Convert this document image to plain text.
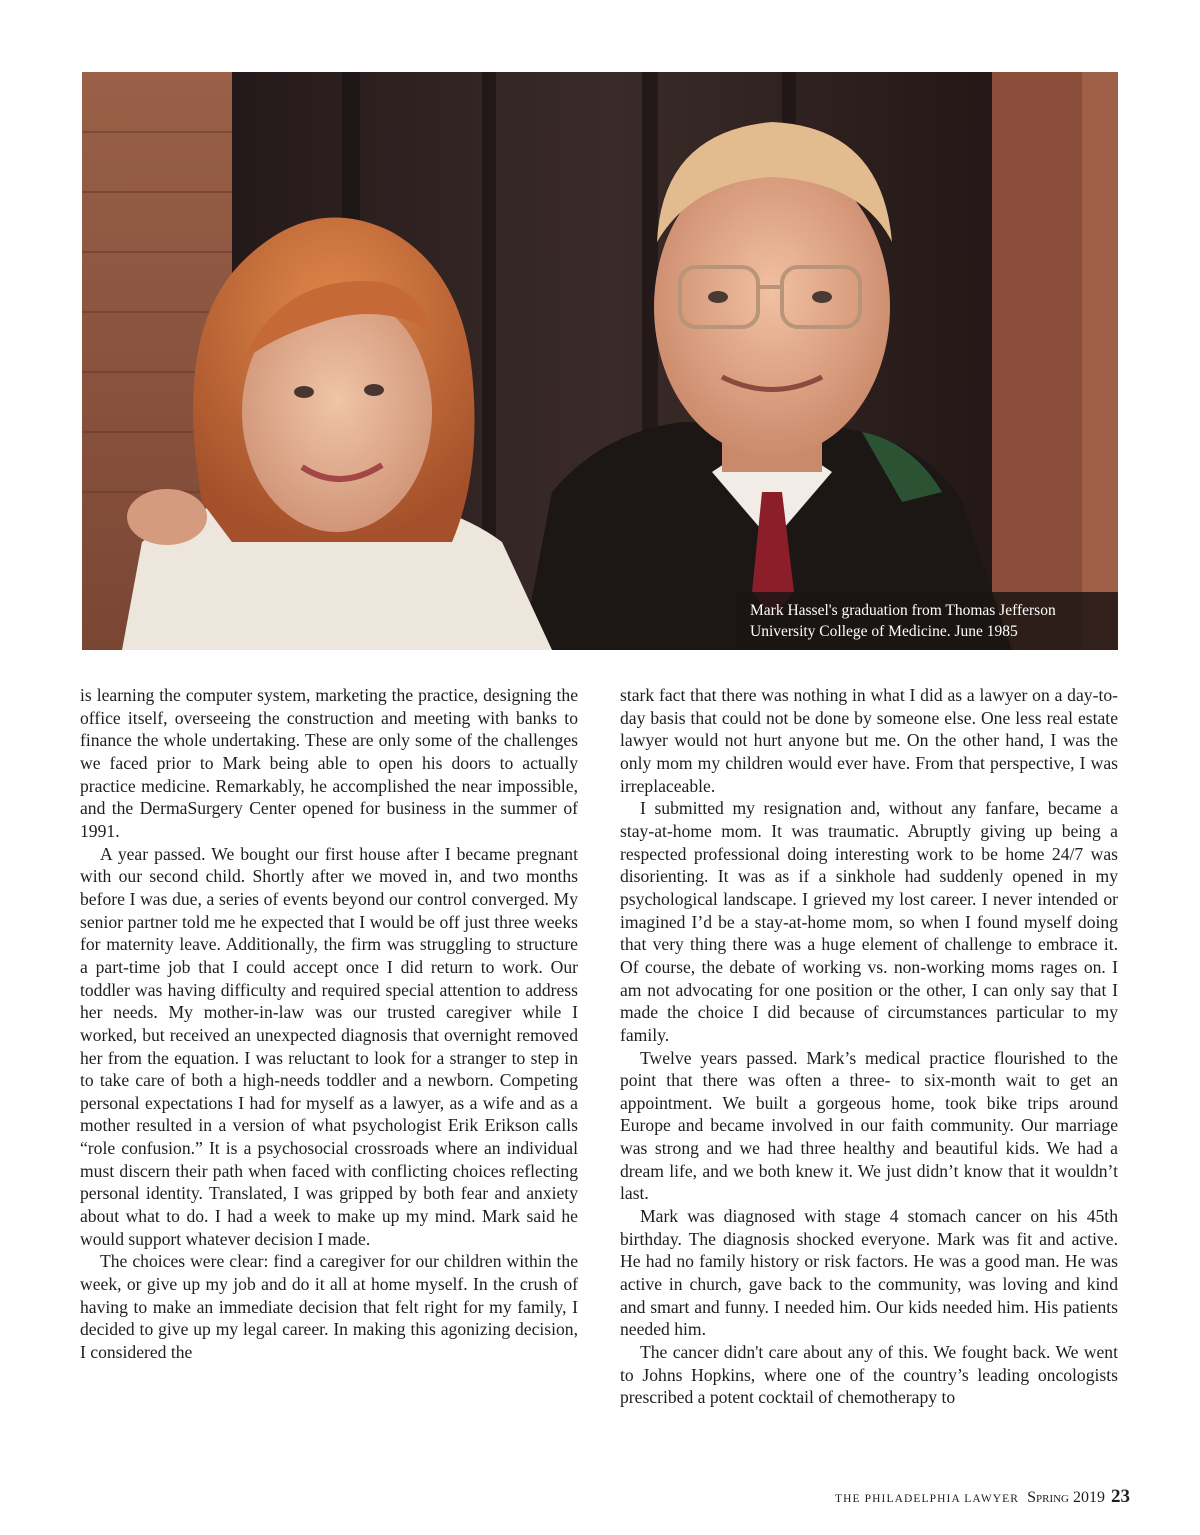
Mark Hassel's graduation from Thomas Jefferson
University College of Medicine. June 1985

is learning the computer system, marketing the practice, designing the office itself, overseeing the construction and meeting with banks to finance the whole undertaking. These are only some of the challenges we faced prior to Mark being able to open his doors to actually practice medicine. Remarkably, he accomplished the near impossible, and the DermaSurgery Center opened for business in the summer of 1991.

A year passed. We bought our first house after I became pregnant with our second child. Shortly after we moved in, and two months before I was due, a series of events beyond our control converged. My senior partner told me he expected that I would be off just three weeks for maternity leave. Additionally, the firm was struggling to structure a part-time job that I could accept once I did return to work. Our toddler was having difficulty and required special attention to address her needs. My mother-in-law was our trusted caregiver while I worked, but received an unexpected diagnosis that overnight removed her from the equation. I was reluctant to look for a stranger to step in to take care of both a high-needs toddler and a newborn. Competing personal expectations I had for myself as a lawyer, as a wife and as a mother resulted in a version of what psychologist Erik Erikson calls “role confusion.” It is a psychosocial crossroads where an individual must discern their path when faced with conflicting choices reflecting personal identity. Translated, I was gripped by both fear and anxiety about what to do. I had a week to make up my mind. Mark said he would support whatever decision I made.

The choices were clear: find a caregiver for our children within the week, or give up my job and do it all at home myself. In the crush of having to make an immediate decision that felt right for my family, I decided to give up my legal career. In making this agonizing decision, I considered the

stark fact that there was nothing in what I did as a lawyer on a day-to-day basis that could not be done by someone else. One less real estate lawyer would not hurt anyone but me. On the other hand, I was the only mom my children would ever have. From that perspective, I was irreplaceable.

I submitted my resignation and, without any fanfare, became a stay-at-home mom. It was traumatic. Abruptly giving up being a respected professional doing interesting work to be home 24/7 was disorienting. It was as if a sinkhole had suddenly opened in my psychological landscape. I grieved my lost career. I never intended or imagined I’d be a stay-at-home mom, so when I found myself doing that very thing there was a huge element of challenge to embrace it. Of course, the debate of working vs. non-working moms rages on. I am not advocating for one position or the other, I can only say that I made the choice I did because of circumstances particular to my family.

Twelve years passed. Mark’s medical practice flourished to the point that there was often a three- to six-month wait to get an appointment. We built a gorgeous home, took bike trips around Europe and became involved in our faith community. Our marriage was strong and we had three healthy and beautiful kids. We had a dream life, and we both knew it. We just didn’t know that it wouldn’t last.

Mark was diagnosed with stage 4 stomach cancer on his 45th birthday. The diagnosis shocked everyone. Mark was fit and active. He had no family history or risk factors. He was a good man. He was active in church, gave back to the community, was loving and kind and smart and funny. I needed him. Our kids needed him. His patients needed him.

The cancer didn't care about any of this. We fought back. We went to Johns Hopkins, where one of the country’s leading oncologists prescribed a potent cocktail of chemotherapy to

THE PHILADELPHIA LAWYER Spring 2019 23
